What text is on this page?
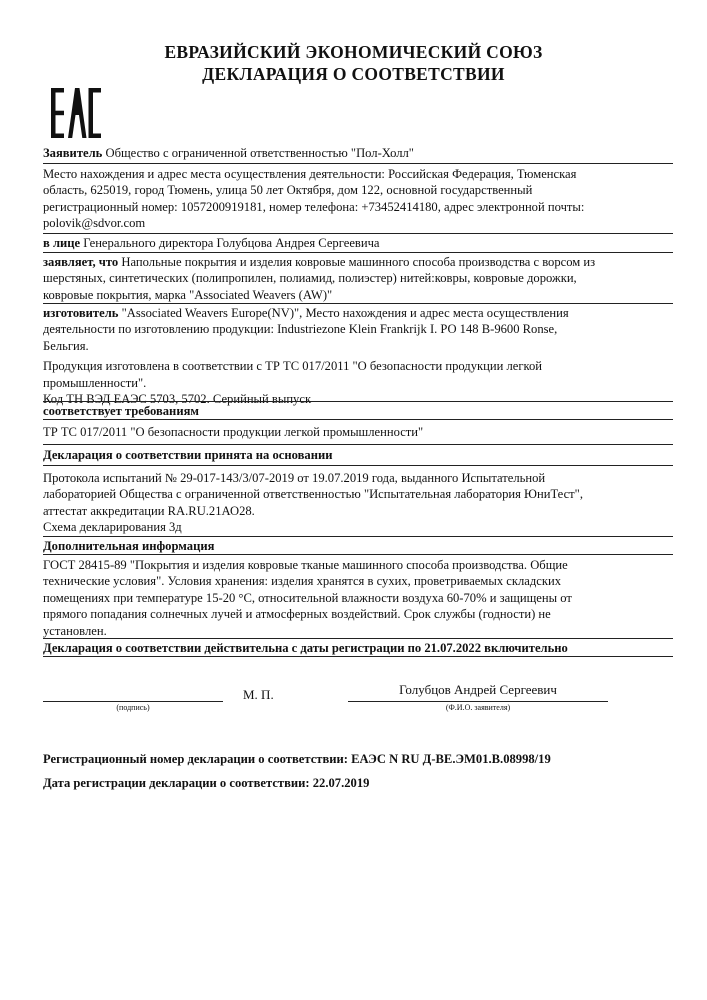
ЕВРАЗИЙСКИЙ ЭКОНОМИЧЕСКИЙ СОЮЗ
ДЕКЛАРАЦИЯ О СООТВЕТСТВИИ
Заявитель Общество с ограниченной ответственностью "Пол-Холл"
Место нахождения и адрес места осуществления деятельности: Российская Федерация, Тюменская
область, 625019, город Тюмень, улица 50 лет Октября, дом 122, основной государственный
регистрационный номер: 1057200919181, номер телефона: +73452414180, адрес электронной почты:
polovik@sdvor.com
в лице Генерального директора Голубцова Андрея Сергеевича
заявляет, что Напольные покрытия и изделия ковровые машинного способа производства с ворсом из
шерстяных, синтетических (полипропилен, полиамид, полиэстер) нитей:ковры, ковровые дорожки,
ковровые покрытия, марка "Associated Weavers (AW)"
изготовитель "Associated Weavers Europe(NV)", Место нахождения и адрес места осуществления
деятельности по изготовлению продукции: Industriezone Klein Frankrijk I. PO 148 B-9600 Ronse,
Бельгия.
Продукция изготовлена в соответствии с ТР ТС 017/2011 "О безопасности продукции легкой
промышленности".
Код ТН ВЭД ЕАЭС 5703, 5702. Серийный выпуск
соответствует требованиям
ТР ТС 017/2011 "О безопасности продукции легкой промышленности"
Декларация о соответствии принята на основании
Протокола испытаний № 29-017-143/3/07-2019 от 19.07.2019 года, выданного Испытательной
лабораторией Общества с ограниченной ответственностью "Испытательная лаборатория ЮниТест",
аттестат аккредитации RA.RU.21АО28.
Схема декларирования 3д
Дополнительная информация
ГОСТ 28415-89 "Покрытия и изделия ковровые тканые машинного способа производства. Общие
технические условия". Условия хранения: изделия хранятся в сухих, проветриваемых складских
помещениях при температуре 15-20 °С, относительной влажности воздуха 60-70% и защищены от
прямого попадания солнечных лучей и атмосферных воздействий. Срок службы (годности) не
установлен.
Декларация о соответствии действительна с даты регистрации по 21.07.2022 включительно
(подпись)
М. П.	Голубцов Андрей Сергеевич
(Ф.И.О. заявителя)
Регистрационный номер декларации о соответствии: ЕАЭС N RU Д-ВЕ.ЭМ01.В.08998/19
Дата регистрации декларации о соответствии: 22.07.2019
